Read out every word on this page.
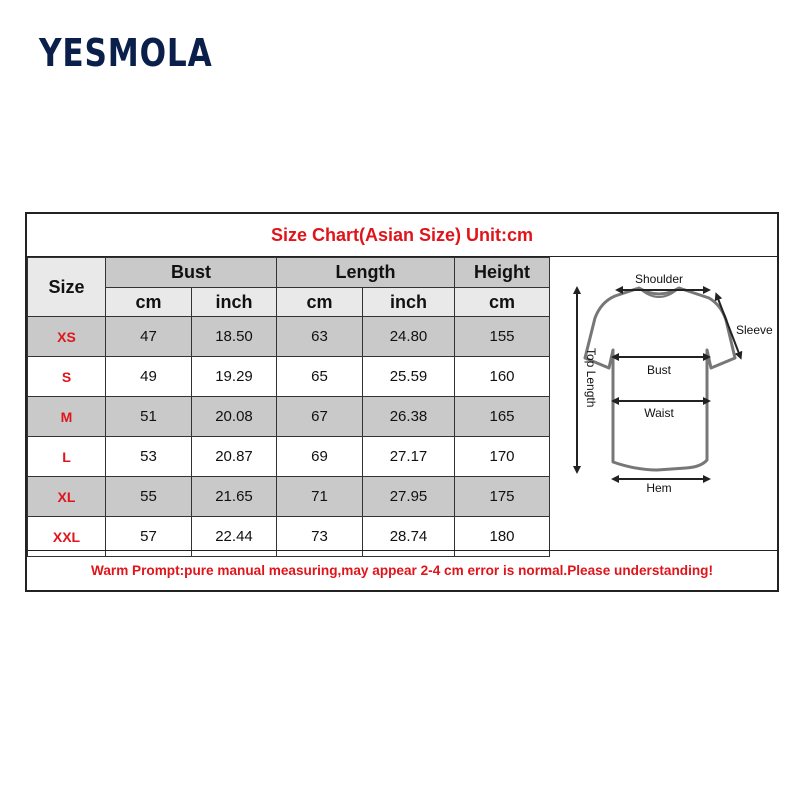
YESMOLA
Size Chart(Asian Size) Unit:cm
Size	Bust		Length		Height
	cm	inch	cm	inch	cm
XS	47	18.50	63	24.80	155
S	49	19.29	65	25.59	160
M	51	20.08	67	26.38	165
L	53	20.87	69	27.17	170
XL	55	21.65	71	27.95	175
XXL	57	22.44	73	28.74	180
Shoulder
Sleeve
Bust
Waist
Hem
Top Length
Warm Prompt:pure manual measuring,may appear 2-4 cm error is normal.Please understanding!
